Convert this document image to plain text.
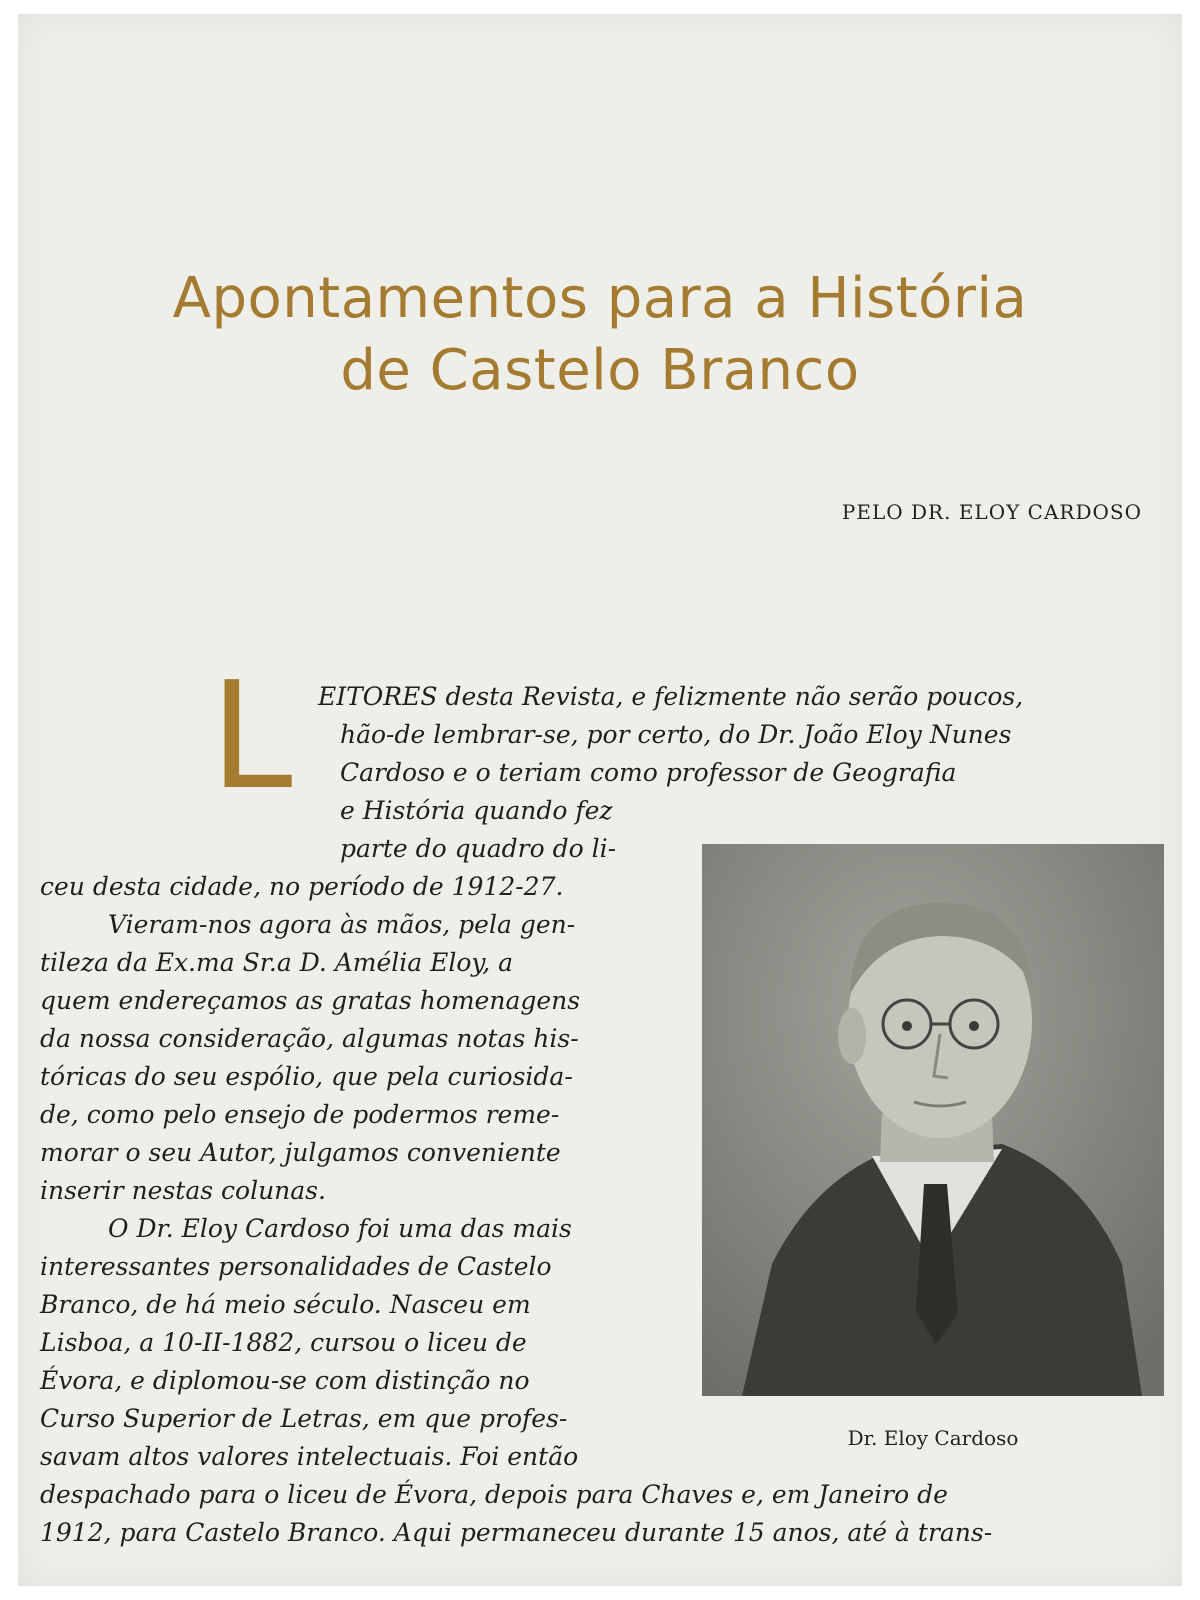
Apontamentos para a História
de Castelo Branco
PELO DR. ELOY CARDOSO
L EITORES desta Revista, e felizmente não serão poucos,
hão-de lembrar-se, por certo, do Dr. João Eloy Nunes
Cardoso e o teriam como professor de Geografia
e História quando fez
parte do quadro do li-
ceu desta cidade, no período de 1912-27.
Vieram-nos agora às mãos, pela gen-
tileza da Ex.ma Sr.a D. Amélia Eloy, a
quem endereçamos as gratas homenagens
da nossa consideração, algumas notas his-
tóricas do seu espólio, que pela curiosida-
de, como pelo ensejo de podermos reme-
morar o seu Autor, julgamos conveniente
inserir nestas colunas.
O Dr. Eloy Cardoso foi uma das mais
interessantes personalidades de Castelo
Branco, de há meio século. Nasceu em
Lisboa, a 10-II-1882, cursou o liceu de
Évora, e diplomou-se com distinção no
Curso Superior de Letras, em que profes-
savam altos valores intelectuais. Foi então
despachado para o liceu de Évora, depois para Chaves e, em Janeiro de
1912, para Castelo Branco. Aqui permaneceu durante 15 anos, até à trans-
Dr. Eloy Cardoso
